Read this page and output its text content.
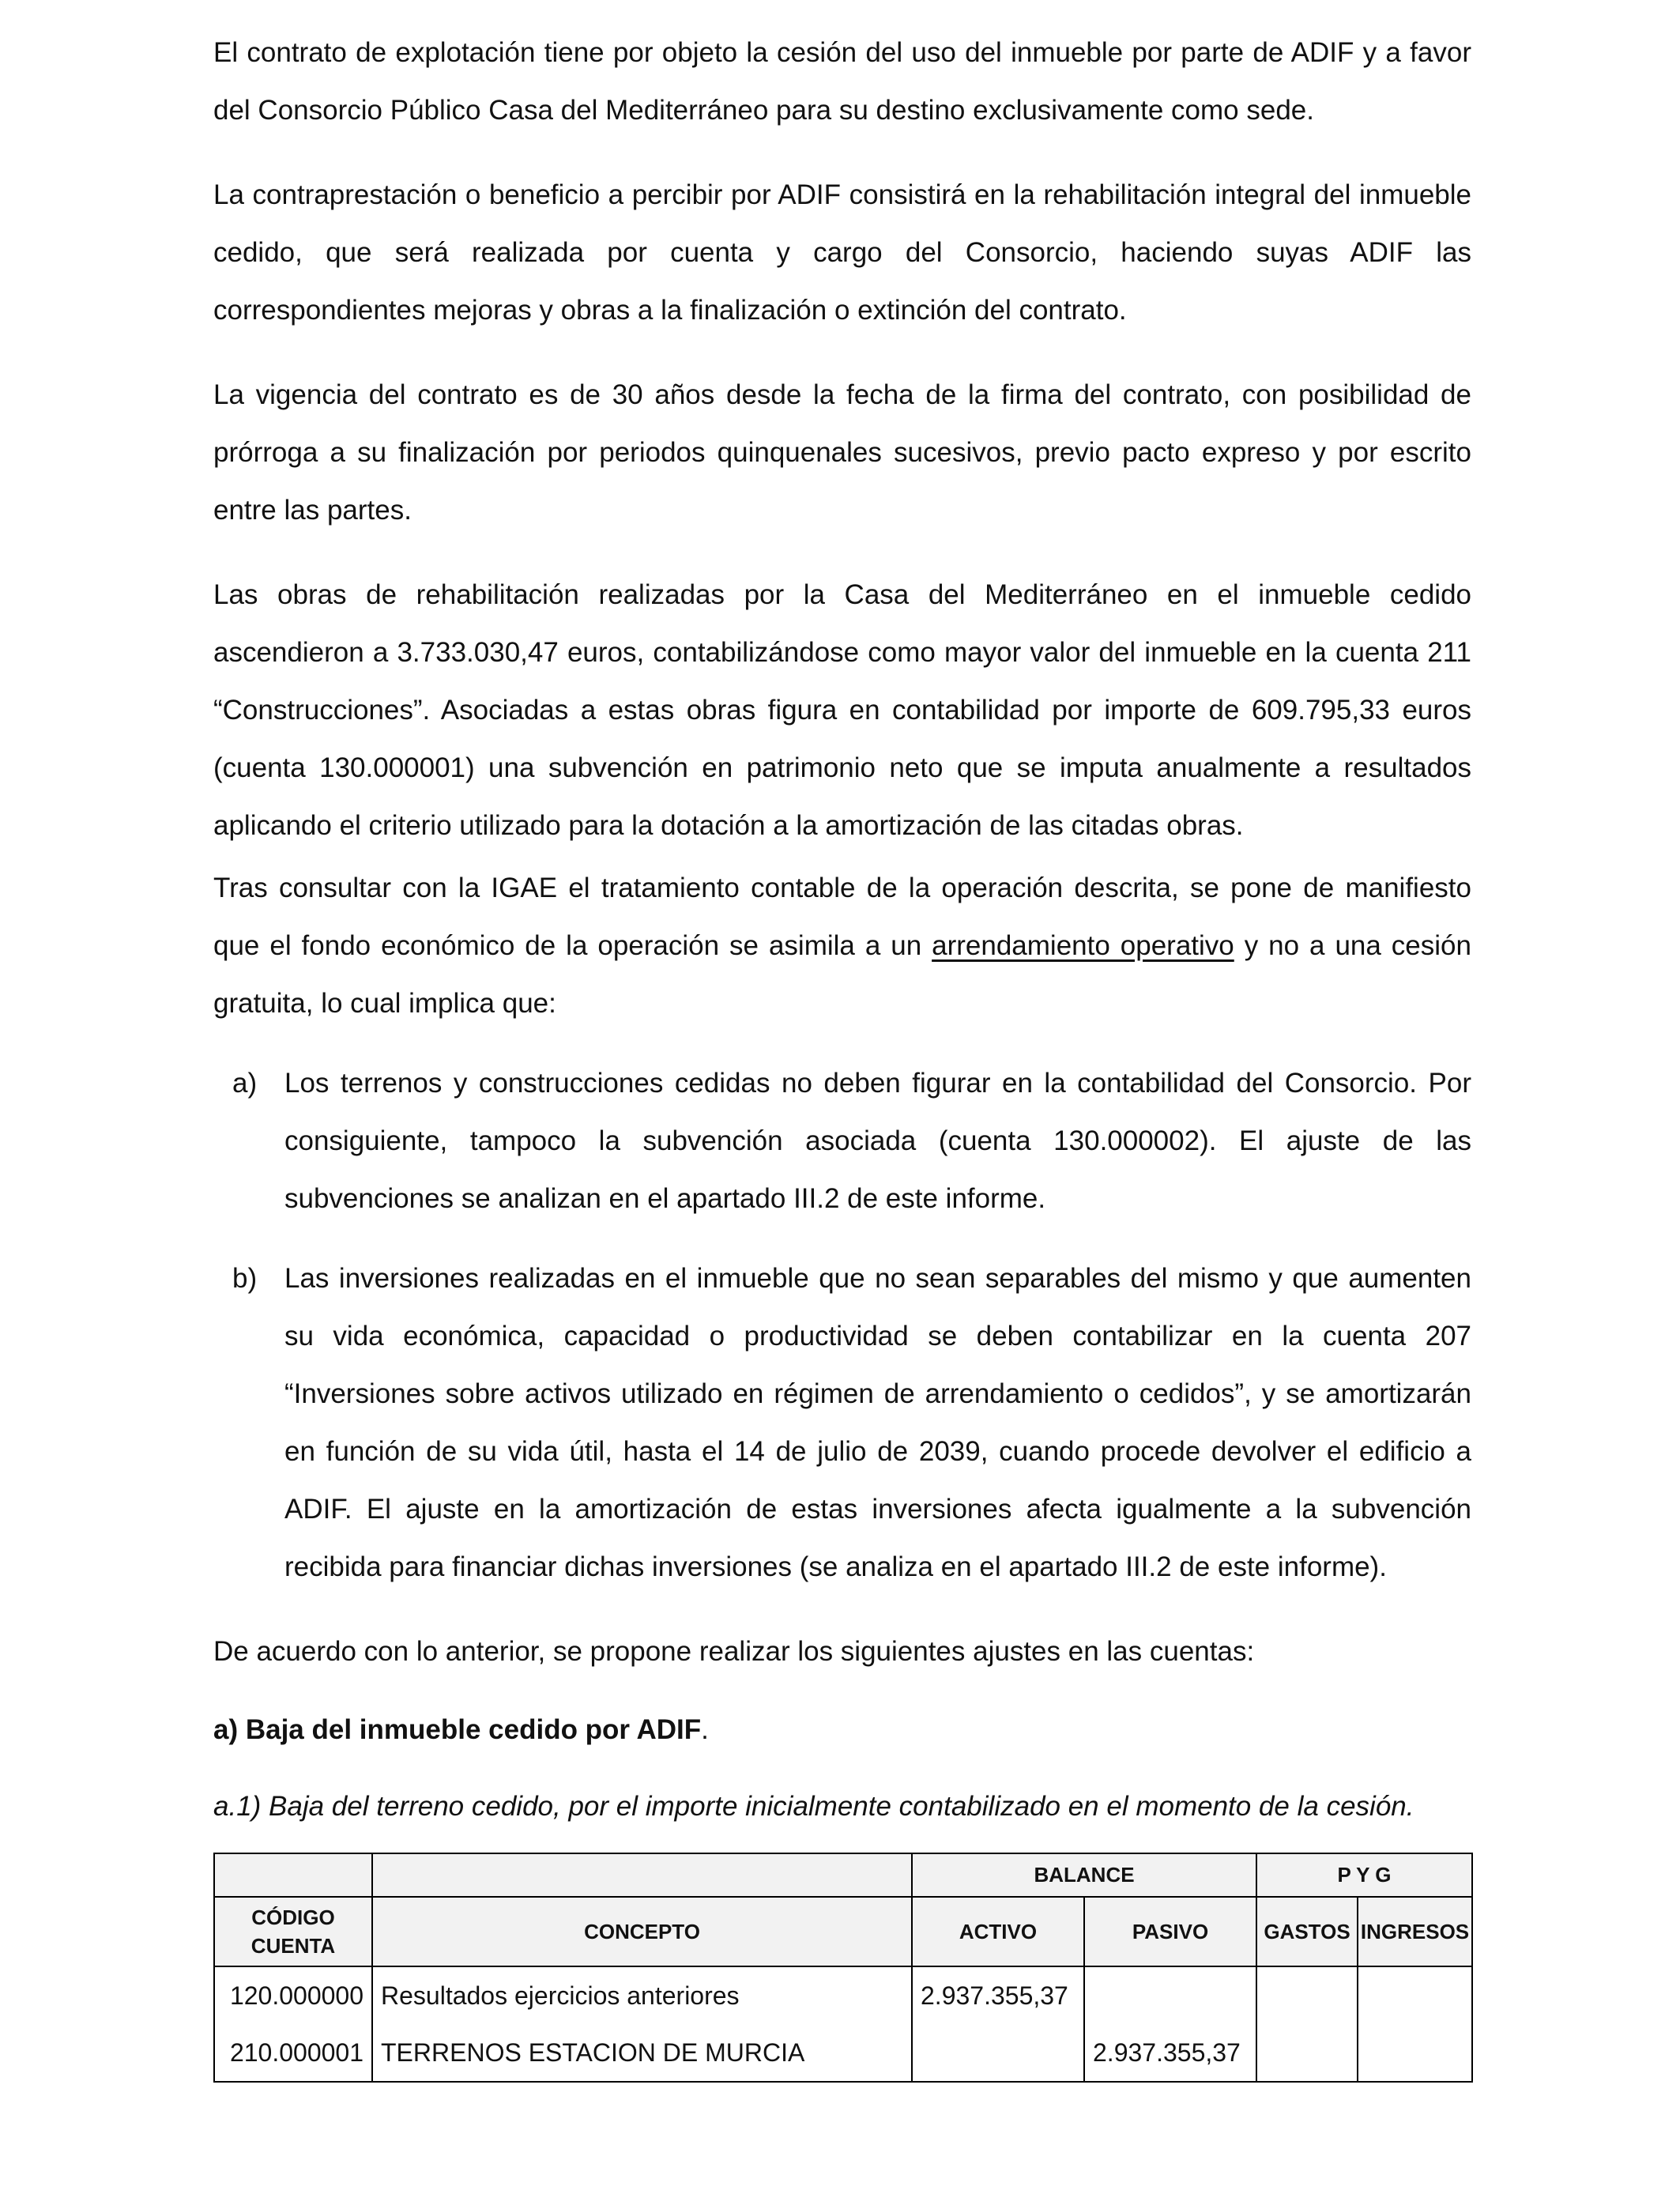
El contrato de explotación tiene por objeto la cesión del uso del inmueble por parte de ADIF y a favor del Consorcio Público Casa del Mediterráneo para su destino exclusivamente como sede.

La contraprestación o beneficio a percibir por ADIF consistirá en la rehabilitación integral del inmueble cedido, que será realizada por cuenta y cargo del Consorcio, haciendo suyas ADIF las correspondientes mejoras y obras a la finalización o extinción del contrato.

La vigencia del contrato es de 30 años desde la fecha de la firma del contrato, con posibilidad de prórroga a su finalización por periodos quinquenales sucesivos, previo pacto expreso y por escrito entre las partes.

Las obras de rehabilitación realizadas por la Casa del Mediterráneo en el inmueble cedido ascendieron a 3.733.030,47 euros, contabilizándose como mayor valor del inmueble en la cuenta 211 “Construcciones”. Asociadas a estas obras figura en contabilidad por importe de 609.795,33 euros (cuenta 130.000001) una subvención en patrimonio neto que se imputa anualmente a resultados aplicando el criterio utilizado para la dotación a la amortización de las citadas obras.

Tras consultar con la IGAE el tratamiento contable de la operación descrita, se pone de manifiesto que el fondo económico de la operación se asimila a un arrendamiento operativo y no a una cesión gratuita, lo cual implica que:

a) Los terrenos y construcciones cedidas no deben figurar en la contabilidad del Consorcio. Por consiguiente, tampoco la subvención asociada (cuenta 130.000002). El ajuste de las subvenciones se analizan en el apartado III.2 de este informe.
b) Las inversiones realizadas en el inmueble que no sean separables del mismo y que aumenten su vida económica, capacidad o productividad se deben contabilizar en la cuenta 207 “Inversiones sobre activos utilizado en régimen de arrendamiento o cedidos”, y se amortizarán en función de su vida útil, hasta el 14 de julio de 2039, cuando procede devolver el edificio a ADIF. El ajuste en la amortización de estas inversiones afecta igualmente a la subvención recibida para financiar dichas inversiones (se analiza en el apartado III.2 de este informe).

De acuerdo con lo anterior, se propone realizar los siguientes ajustes en las cuentas:

a) Baja del inmueble cedido por ADIF.

a.1) Baja del terreno cedido, por el importe inicialmente contabilizado en el momento de la cesión.

		BALANCE		P Y G	
CÓDIGO CUENTA	CONCEPTO	ACTIVO	PASIVO	GASTOS	INGRESOS
120.000000	Resultados ejercicios anteriores	2.937.355,37			
210.000001	TERRENOS ESTACION DE MURCIA		2.937.355,37		
